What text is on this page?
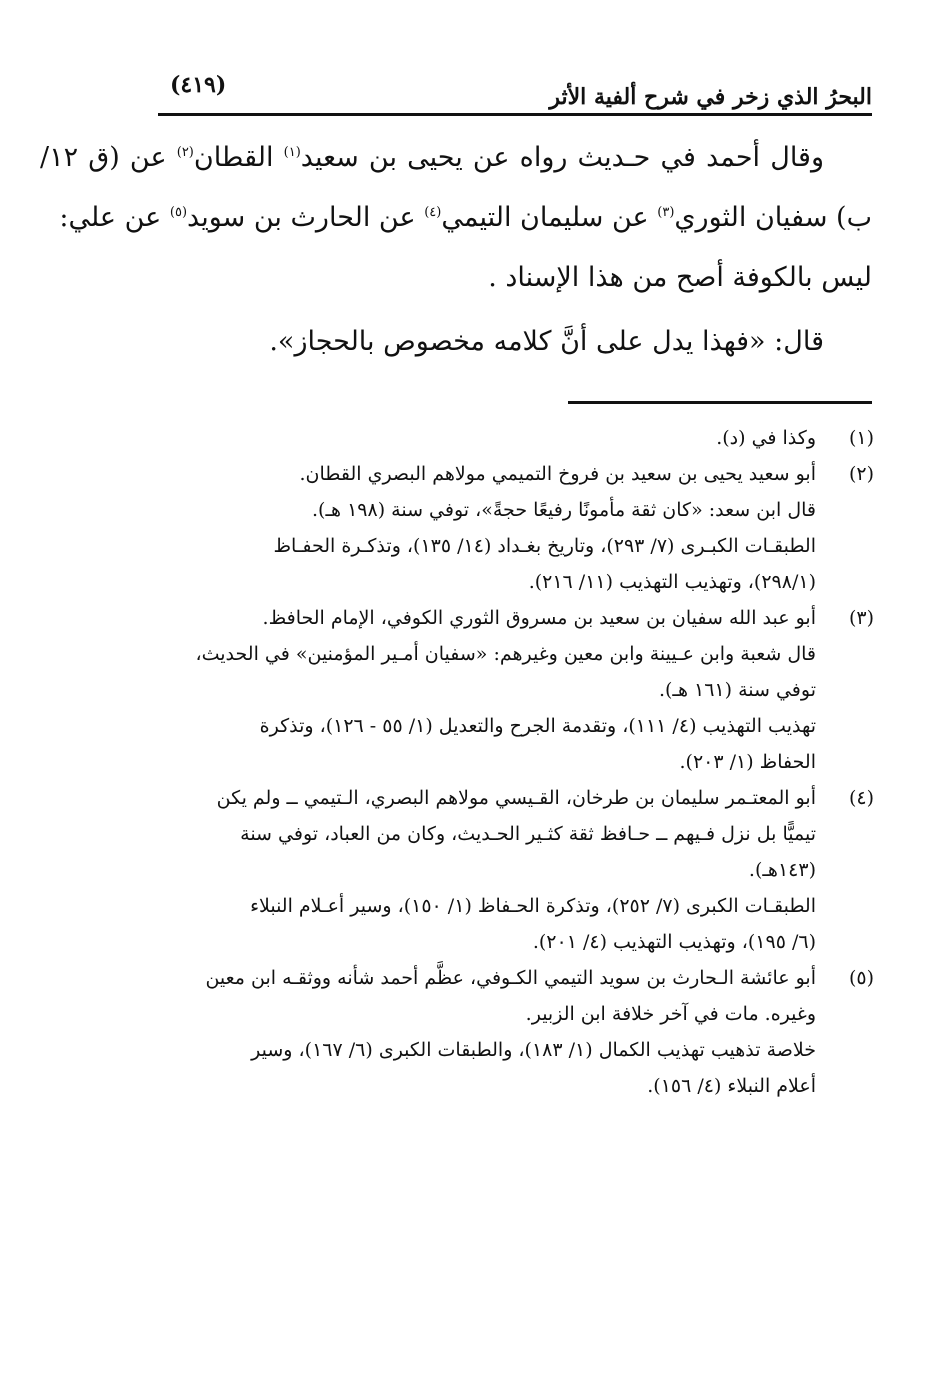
البحرُ الذي زخر في شرح ألفية الأثر
(٤١٩)

وقال أحمد في حـديث رواه عن يحيى بن سعيد$^{(١)}$ القطان$^{(٢)}$ عن (ق ١٢/ ب) سفيان الثوري$^{(٣)}$ عن سليمان التيمي$^{(٤)}$ عن الحارث بن سويد$^{(٥)}$ عن علي:

ليس بالكوفة أصح من هذا الإسناد .

قال: «فهذا يدل على أنَّ كلامه مخصوص بالحجاز».

(١)
وكذا في (د).
(٢)
أبو سعيد يحيى بن سعيد بن فروخ التميمي مولاهم البصري القطان.
قال ابن سعد: «كان ثقة مأمونًا رفيعًا حجةً»، توفي سنة (١٩٨ هـ).
الطبقـات الكبـرى (٧/ ٢٩٣)، وتاريخ بغـداد (١٤/ ١٣٥)، وتذكـرة الحفـاظ
(٢٩٨/١)، وتهذيب التهذيب (١١/ ٢١٦).
(٣)
أبو عبد الله سفيان بن سعيد بن مسروق الثوري الكوفي، الإمام الحافظ.
قال شعبة وابن عـيينة وابن معين وغيرهم: «سفيان أمـير المؤمنين» في الحديث،
توفي سنة (١٦١ هـ).
تهذيب التهذيب (٤/ ١١١)، وتقدمة الجرح والتعديل (١/ ٥٥ - ١٢٦)، وتذكرة
الحفاظ (١/ ٢٠٣).
(٤)
أبو المعتـمر سليمان بن طرخان، القـيسي مولاهم البصري، الـتيمي ــ ولم يكن
تيميًّا بل نزل فـيهم ــ حـافظ ثقة كثـير الحـديث، وكان من العباد، توفي سنة
(١٤٣هـ).
الطبقـات الكبرى (٧/ ٢٥٢)، وتذكرة الحـفاظ (١/ ١٥٠)، وسير أعـلام النبلاء
(٦/ ١٩٥)، وتهذيب التهذيب (٤/ ٢٠١).
(٥)
أبو عائشة الـحارث بن سويد التيمي الكـوفي، عظَّم أحمد شأنه ووثقـه ابن معين
وغيره. مات في آخر خلافة ابن الزبير.
خلاصة تذهيب تهذيب الكمال (١/ ١٨٣)، والطبقات الكبرى (٦/ ١٦٧)، وسير
أعلام النبلاء (٤/ ١٥٦).
